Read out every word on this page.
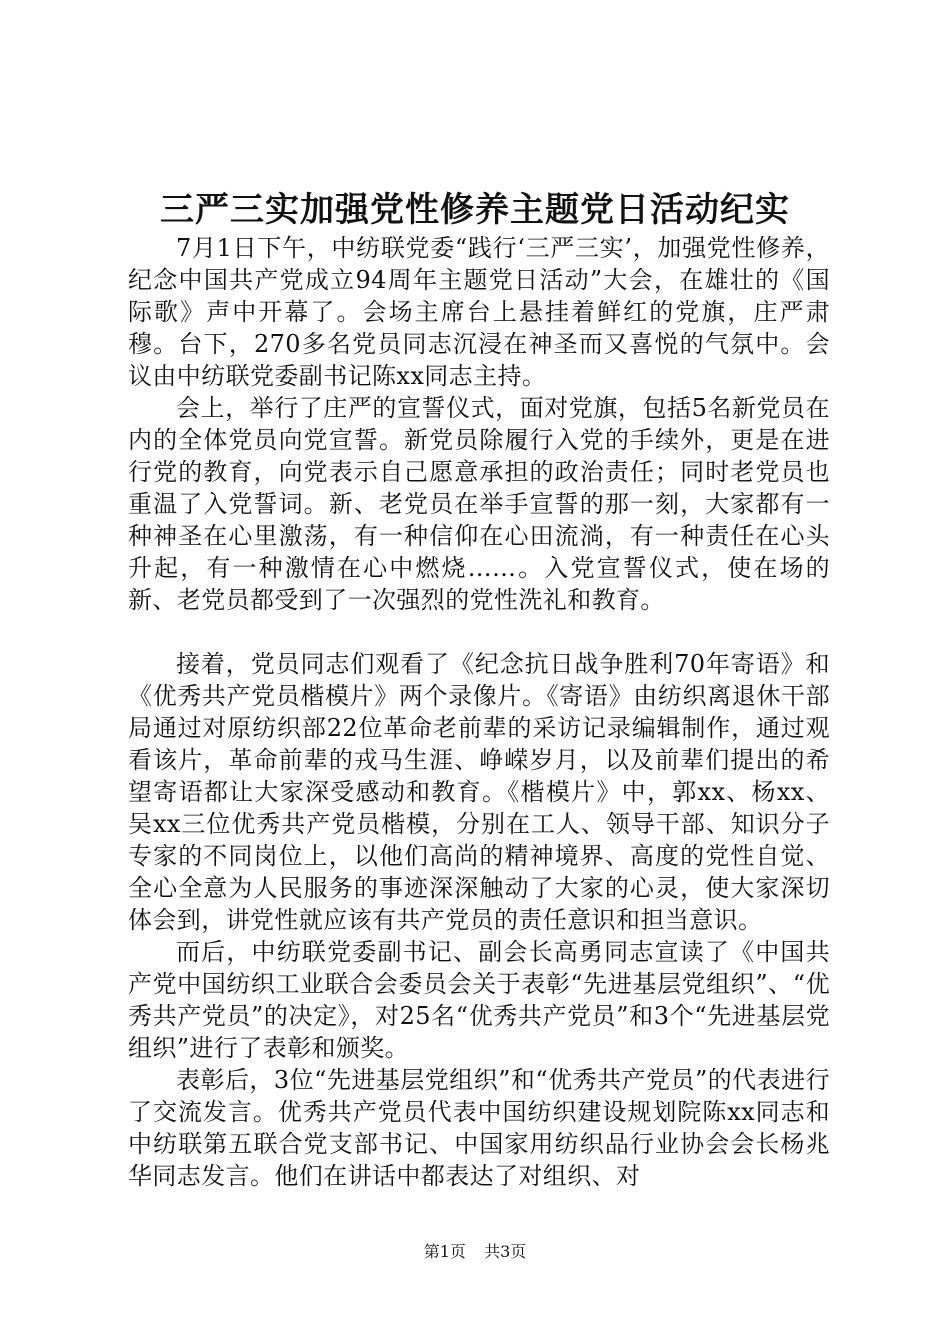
三严三实加强党性修养主题党日活动纪实

7月1日下午，中纺联党委“践行‘三严三实’，加强党性修养，纪念中国共产党成立94周年主题党日活动”大会，在雄壮的《国际歌》声中开幕了。会场主席台上悬挂着鲜红的党旗，庄严肃穆。台下，270多名党员同志沉浸在神圣而又喜悦的气氛中。会议由中纺联党委副书记陈xx同志主持。

会上，举行了庄严的宣誓仪式，面对党旗，包括5名新党员在内的全体党员向党宣誓。新党员除履行入党的手续外，更是在进行党的教育，向党表示自己愿意承担的政治责任；同时老党员也重温了入党誓词。新、老党员在举手宣誓的那一刻，大家都有一种神圣在心里激荡，有一种信仰在心田流淌，有一种责任在心头升起，有一种激情在心中燃烧……。入党宣誓仪式，使在场的新、老党员都受到了一次强烈的党性洗礼和教育。

接着，党员同志们观看了《纪念抗日战争胜利70年寄语》和《优秀共产党员楷模片》两个录像片。《寄语》由纺织离退休干部局通过对原纺织部22位革命老前辈的采访记录编辑制作，通过观看该片，革命前辈的戎马生涯、峥嵘岁月，以及前辈们提出的希望寄语都让大家深受感动和教育。《楷模片》中，郭xx、杨xx、吴xx三位优秀共产党员楷模，分别在工人、领导干部、知识分子专家的不同岗位上，以他们高尚的精神境界、高度的党性自觉、全心全意为人民服务的事迹深深触动了大家的心灵，使大家深切体会到，讲党性就应该有共产党员的责任意识和担当意识。

而后，中纺联党委副书记、副会长高勇同志宣读了《中国共产党中国纺织工业联合会委员会关于表彰“先进基层党组织”、“优秀共产党员”的决定》，对25名“优秀共产党员”和3个“先进基层党组织”进行了表彰和颁奖。

表彰后，3位“先进基层党组织”和“优秀共产党员”的代表进行了交流发言。优秀共产党员代表中国纺织建设规划院陈xx同志和中纺联第五联合党支部书记、中国家用纺织品行业协会会长杨兆华同志发言。他们在讲话中都表达了对组织、对

第1页 共3页
